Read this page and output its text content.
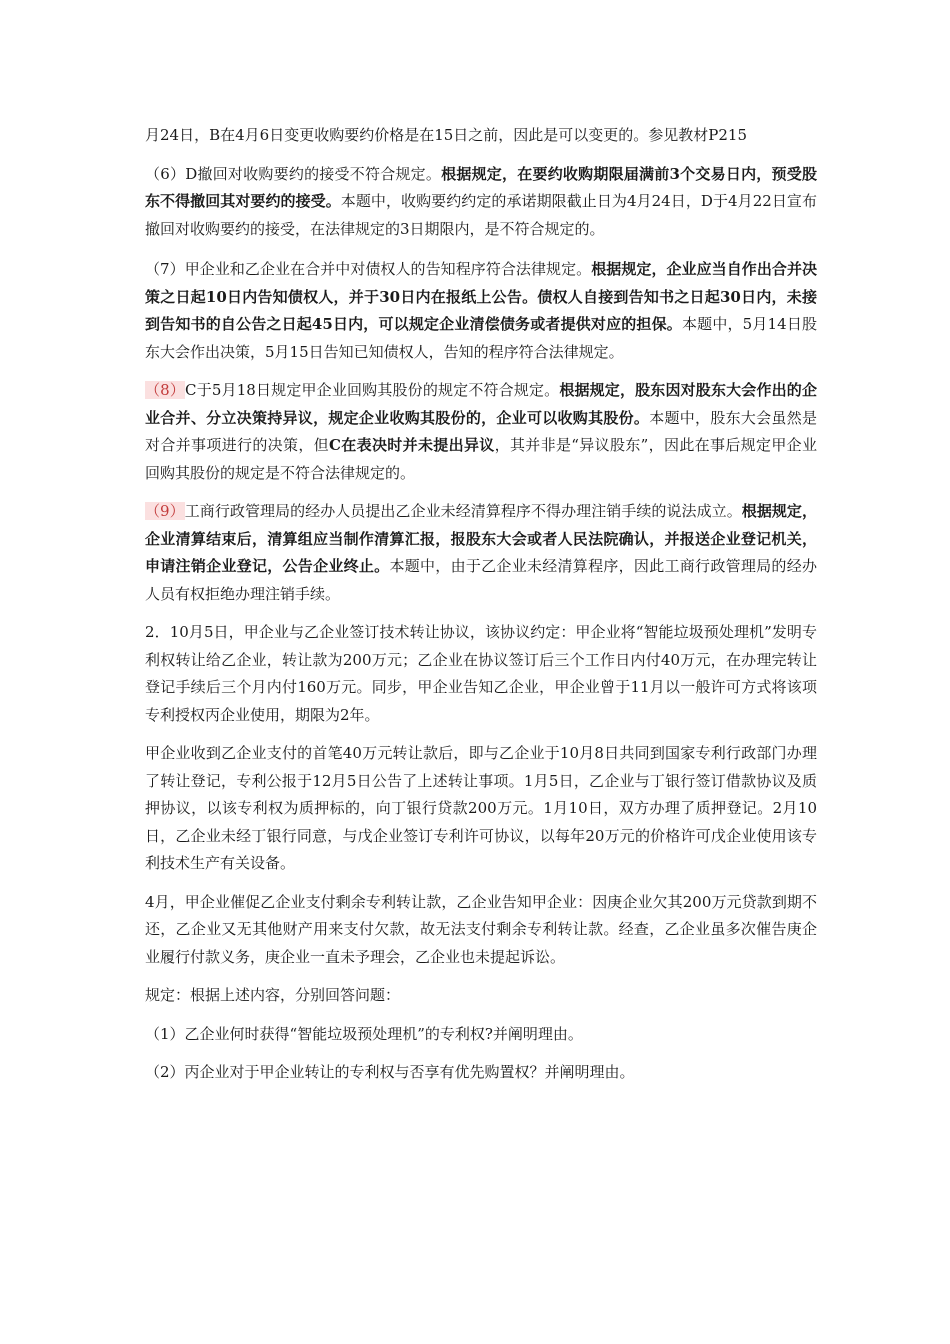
月24日，B在4月6日变更收购要约价格是在15日之前，因此是可以变更的。参见教材P215

（6）D撤回对收购要约的接受不符合规定。根据规定，在要约收购期限届满前3个交易日内，预受股东不得撤回其对要约的接受。本题中，收购要约约定的承诺期限截止日为4月24日，D于4月22日宣布撤回对收购要约的接受，在法律规定的3日期限内，是不符合规定的。

（7）甲企业和乙企业在合并中对债权人的告知程序符合法律规定。根据规定，企业应当自作出合并决策之日起10日内告知债权人，并于30日内在报纸上公告。债权人自接到告知书之日起30日内，未接到告知书的自公告之日起45日内，可以规定企业清偿债务或者提供对应的担保。本题中，5月14日股东大会作出决策，5月15日告知已知债权人，告知的程序符合法律规定。

（8）C于5月18日规定甲企业回购其股份的规定不符合规定。根据规定，股东因对股东大会作出的企业合并、分立决策持异议，规定企业收购其股份的，企业可以收购其股份。本题中，股东大会虽然是对合并事项进行的决策，但C在表决时并未提出异议，其并非是“异议股东”，因此在事后规定甲企业回购其股份的规定是不符合法律规定的。

（9）工商行政管理局的经办人员提出乙企业未经清算程序不得办理注销手续的说法成立。根据规定，企业清算结束后，清算组应当制作清算汇报，报股东大会或者人民法院确认，并报送企业登记机关，申请注销企业登记，公告企业终止。本题中，由于乙企业未经清算程序，因此工商行政管理局的经办人员有权拒绝办理注销手续。

2．10月5日，甲企业与乙企业签订技术转让协议，该协议约定：甲企业将“智能垃圾预处理机”发明专利权转让给乙企业，转让款为200万元；乙企业在协议签订后三个工作日内付40万元，在办理完转让登记手续后三个月内付160万元。同步，甲企业告知乙企业，甲企业曾于11月以一般许可方式将该项专利授权丙企业使用，期限为2年。

甲企业收到乙企业支付的首笔40万元转让款后，即与乙企业于10月8日共同到国家专利行政部门办理了转让登记，专利公报于12月5日公告了上述转让事项。1月5日，乙企业与丁银行签订借款协议及质押协议，以该专利权为质押标的，向丁银行贷款200万元。1月10日，双方办理了质押登记。2月10日，乙企业未经丁银行同意，与戊企业签订专利许可协议，以每年20万元的价格许可戊企业使用该专利技术生产有关设备。

4月，甲企业催促乙企业支付剩余专利转让款，乙企业告知甲企业：因庚企业欠其200万元贷款到期不还，乙企业又无其他财产用来支付欠款，故无法支付剩余专利转让款。经查，乙企业虽多次催告庚企业履行付款义务，庚企业一直未予理会，乙企业也未提起诉讼。

规定：根据上述内容，分别回答问题：

（1）乙企业何时获得“智能垃圾预处理机”的专利权?并阐明理由。

（2）丙企业对于甲企业转让的专利权与否享有优先购置权？并阐明理由。
